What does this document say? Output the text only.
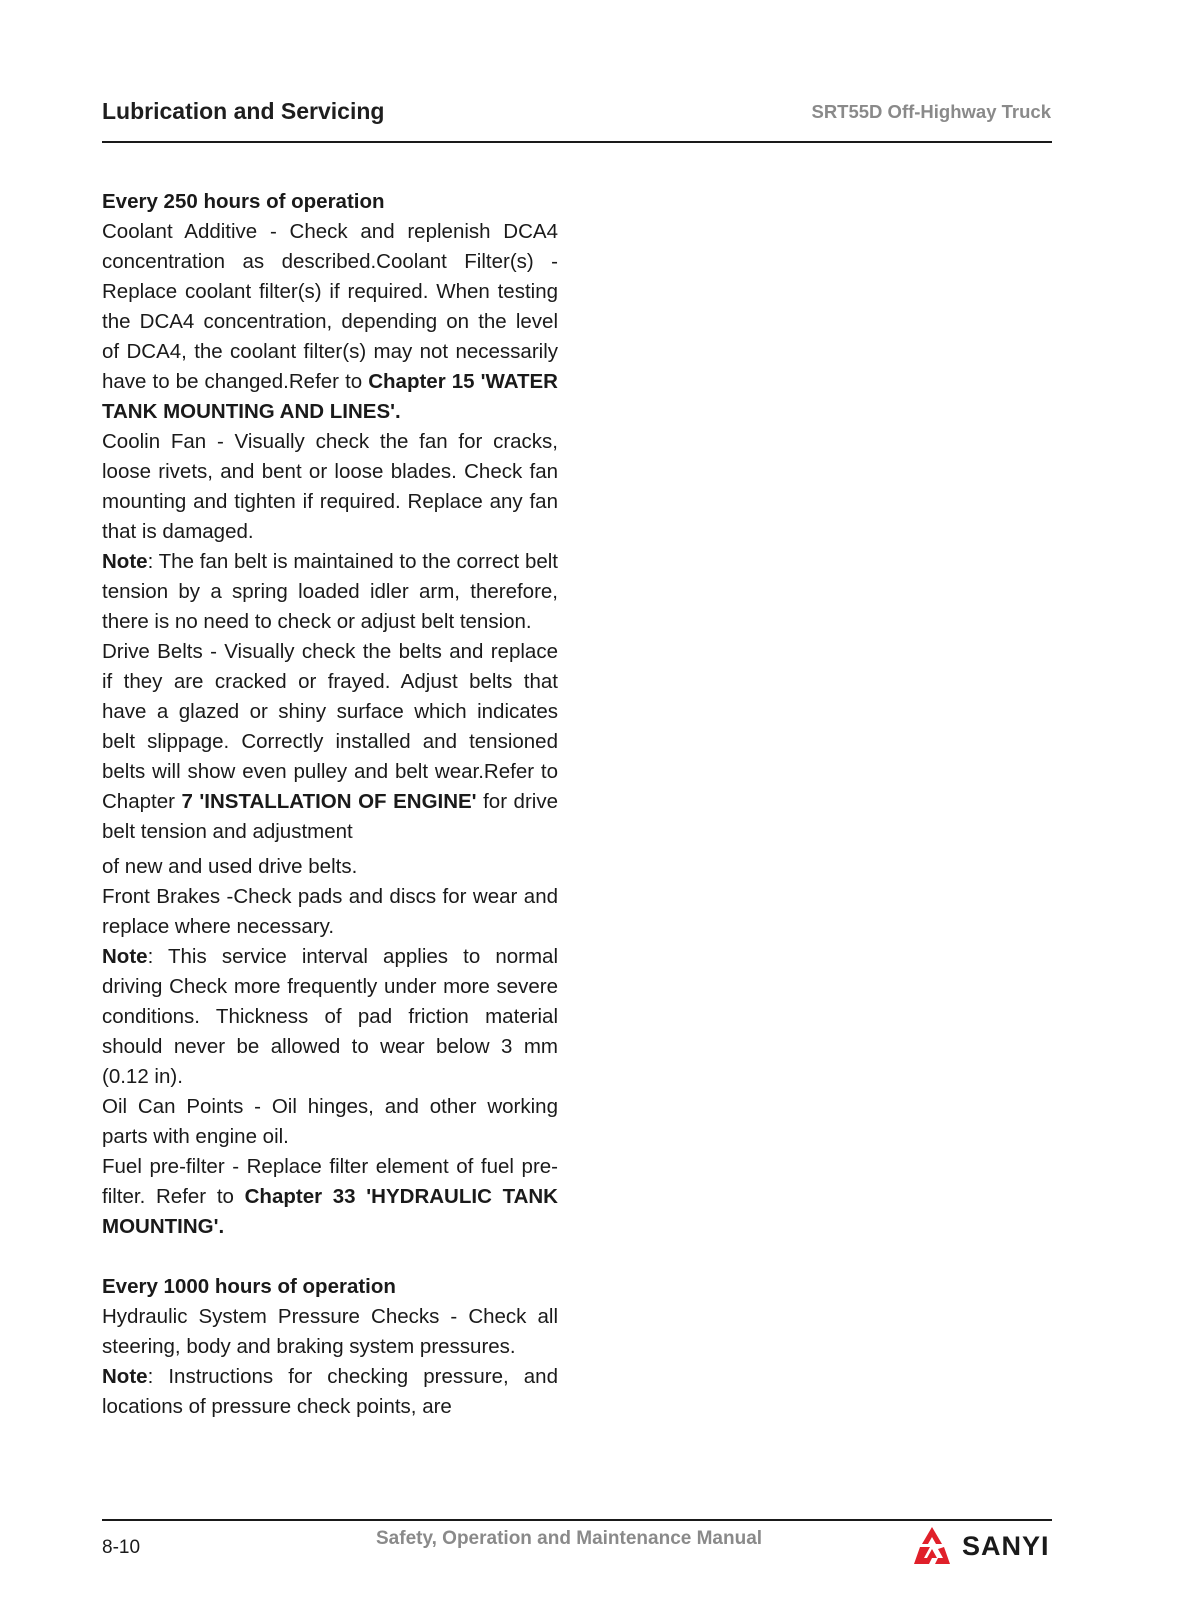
Lubrication and Servicing	SRT55D Off-Highway Truck

Every 250 hours of operation

Coolant Additive - Check and replenish DCA4 concentration as described.Coolant Filter(s) - Replace coolant filter(s) if required. When testing the DCA4 concentration, depending on the level of DCA4, the coolant filter(s) may not necessarily have to be changed.Refer to Chapter 15 'WATER TANK MOUNTING AND LINES'.

Coolin Fan - Visually check the fan for cracks, loose rivets, and bent or loose blades. Check fan mounting and tighten if required. Replace any fan that is damaged.

Note: The fan belt is maintained to the correct belt tension by a spring loaded idler arm, therefore, there is no need to check or adjust belt tension.

Drive Belts - Visually check the belts and replace if they are cracked or frayed. Adjust belts that have a glazed or shiny surface which indicates belt slippage. Correctly installed and tensioned belts will show even pulley and belt wear.Refer to Chapter 7 'INSTALLATION OF ENGINE' for drive belt tension and adjustment

of new and used drive belts.

Front Brakes -Check pads and discs for wear and replace where necessary.

Note: This service interval applies to normal driving Check more frequently under more severe conditions. Thickness of pad friction material should never be allowed to wear below 3 mm (0.12 in).

Oil Can Points - Oil hinges, and other working parts with engine oil.

Fuel pre-filter - Replace filter element of fuel pre-filter. Refer to Chapter 33 'HYDRAULIC TANK MOUNTING'.

Every 1000 hours of operation

Hydraulic System Pressure Checks - Check all steering, body and braking system pressures.

Note: Instructions for checking pressure, and locations of pressure check points, are

8-10	Safety, Operation and Maintenance Manual	SANYI
